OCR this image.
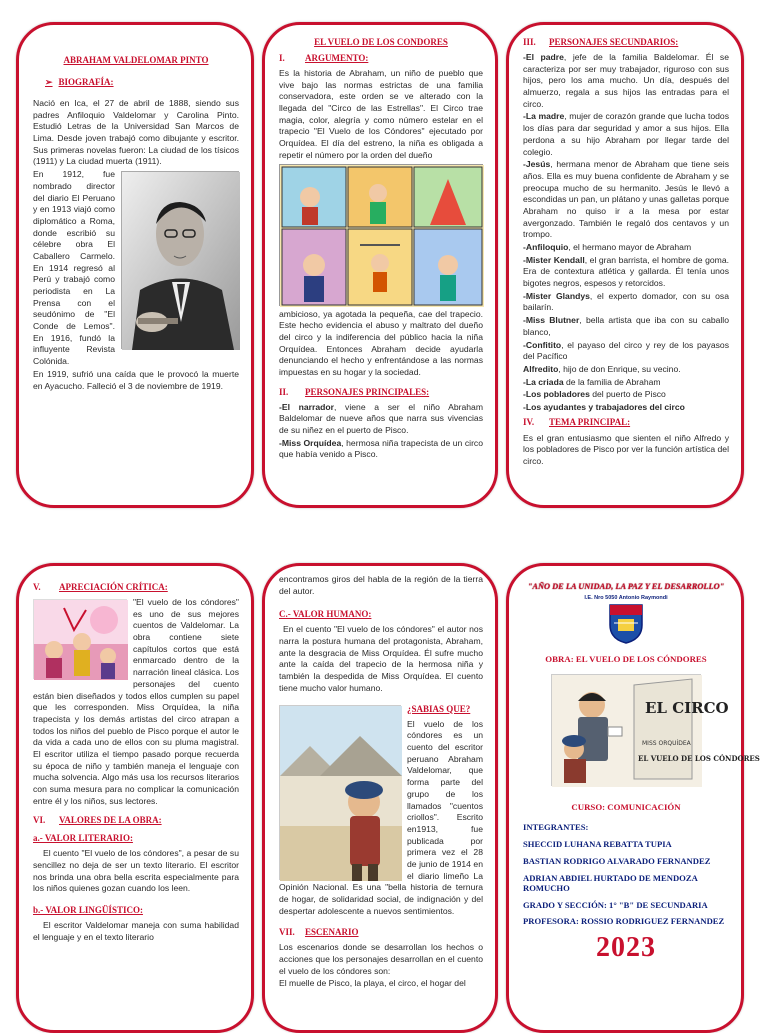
ABRAHAM VALDELOMAR PINTO
➢ BIOGRAFÍA:

Nació en Ica, el 27 de abril de 1888, siendo sus padres Anfiloquio Valdelomar y Carolina Pinto. Estudió Letras de la Universidad San Marcos de Lima. Desde joven trabajó como dibujante y escritor. Sus primeras novelas fueron: La ciudad de los tísicos (1911) y La ciudad muerta (1911).

En 1912, fue nombrado director del diario El Peruano y en 1913 viajó como diplomático a Roma, donde escribió su célebre obra El Caballero Carmelo. En 1914 regresó al Perú y trabajó como periodista en La Prensa con el seudónimo de "El Conde de Lemos". En 1916, fundó la influyente Revista Colónida.

En 1919, sufrió una caída que le provocó la muerte en Ayacucho. Falleció el 3 de noviembre de 1919.

EL VUELO DE LOS CONDORES
I. ARGUMENTO:

Es la historia de Abraham, un niño de pueblo que vive bajo las normas estrictas de una familia conservadora, este orden se ve alterado con la llegada del "Circo de las Estrellas". El Circo trae magia, color, alegría y como número estelar en el trapecio "El Vuelo de los Cóndores" ejecutado por Orquídea. El día del estreno, la niña es obligada a repetir el número por la orden del dueño

ambicioso, ya agotada la pequeña, cae del trapecio. Este hecho evidencia el abuso y maltrato del dueño del circo y la indiferencia del público hacia la niña Orquídea. Entonces Abraham decide ayudarla denunciando el hecho y enfrentándose a las normas impuestas en su hogar y la sociedad.

II. PERSONAJES PRINCIPALES:

-El narrador, viene a ser el niño Abraham Baldelomar de nueve años que narra sus vivencias de su niñez en el puerto de Pisco.

-Miss Orquídea, hermosa niña trapecista de un circo que había venido a Pisco.

III. PERSONAJES SECUNDARIOS:

-El padre, jefe de la familia Baldelomar. Él se caracteriza por ser muy trabajador, riguroso con sus hijos, pero los ama mucho. Un día, después del almuerzo, regala a sus hijos las entradas para el circo.

-La madre, mujer de corazón grande que lucha todos los días para dar seguridad y amor a sus hijos. Ella perdona a su hijo Abraham por llegar tarde del colegio.

-Jesús, hermana menor de Abraham que tiene seis años. Ella es muy buena confidente de Abraham y se preocupa mucho de su hermanito. Jesús le llevó a escondidas un pan, un plátano y unas galletas porque Abraham no quiso ir a la mesa por estar avergonzado. También le regaló dos centavos y un trompo.

-Anfiloquio, el hermano mayor de Abraham

-Mister Kendall, el gran barrista, el hombre de goma. Era de contextura atlética y gallarda. Él tenía unos bigotes negros, espesos y retorcidos.

-Mister Glandys, el experto domador, con su osa bailarín.

-Miss Blutner, bella artista que iba con su caballo blanco,

-Confitito, el payaso del circo y rey de los payasos del Pacífico

Alfredito, hijo de don Enrique, su vecino.

-La criada de la familia de Abraham

-Los pobladores del puerto de Pisco

-Los ayudantes y trabajadores del circo

IV. TEMA PRINCIPAL:
Es el gran entusiasmo que sienten el niño Alfredo y los pobladores de Pisco por ver la función artística del circo.
V. APRECIACIÓN CRÍTICA:

"El vuelo de los cóndores" es uno de sus mejores cuentos de Valdelomar. La obra contiene siete capítulos cortos que está enmarcado dentro de la narración lineal clásica. Los personajes del cuento están bien diseñados y todos ellos cumplen su papel que les corresponden. Miss Orquídea, la niña trapecista y los demás artistas del circo atrapan a todos los niños del pueblo de Pisco porque el autor le da vida a cada uno de ellos con su pluma magistral. El escritor utiliza el tiempo pasado porque recuerda su época de niño y también maneja el lenguaje con mucha solvencia. Algo más usa los recursos literarios con suma mesura para no complicar la comunicación entre él y los niños, sus lectores.

VI. VALORES DE LA OBRA:
a.- VALOR LITERARIO:
El cuento "El vuelo de los cóndores", a pesar de su sencillez no deja de ser un texto literario. El escritor nos brinda una obra bella escrita especialmente para los niños quienes gozan cuando los leen.
b.- VALOR LINGÜÍSTICO:
El escritor Valdelomar maneja con suma habilidad el lenguaje y en el texto literario
encontramos giros del habla de la región de la tierra del autor.
C.- VALOR HUMANO:
En el cuento "El vuelo de los cóndores" el autor nos narra la postura humana del protagonista, Abraham, ante la desgracia de Miss Orquídea. Él sufre mucho ante la caída del trapecio de la hermosa niña y también la despedida de Miss Orquídea. El cuento tiene mucho valor humano.
¿SABIAS QUE?

El vuelo de los cóndores es un cuento del escritor peruano Abraham Valdelomar, que forma parte del grupo de los llamados "cuentos criollos". Escrito en1913, fue publicada por primera vez el 28 de junio de 1914 en el diario limeño La Opinión Nacional. Es una "bella historia de ternura de hogar, de solidaridad social, de indignación y del despertar adolescente a nuevos sentimientos.

VII. ESCENARIO

Los escenarios donde se desarrollan los hechos o acciones que los personajes desarrollan en el cuento el vuelo de los cóndores son:

El muelle de Pisco, la playa, el circo, el hogar del

"AÑO DE LA UNIDAD, LA PAZ Y EL DESARROLLO"
I.E. Nro 5050 Antonio Raymondi
OBRA: EL VUELO DE LOS CÓNDORES
EL CIRCO
MISS ORQUÍDEA
EL VUELO DE LOS CÓNDORES
CURSO: COMUNICACIÓN
INTEGRANTES:
SHECCID LUHANA REBATTA TUPIA
BASTIAN RODRIGO ALVARADO FERNANDEZ
ADRIAN ABDIEL HURTADO DE MENDOZA ROMUCHO
GRADO Y SECCIÓN: 1° "B" DE SECUNDARIA
PROFESORA: ROSSIO RODRIGUEZ FERNANDEZ
2023
